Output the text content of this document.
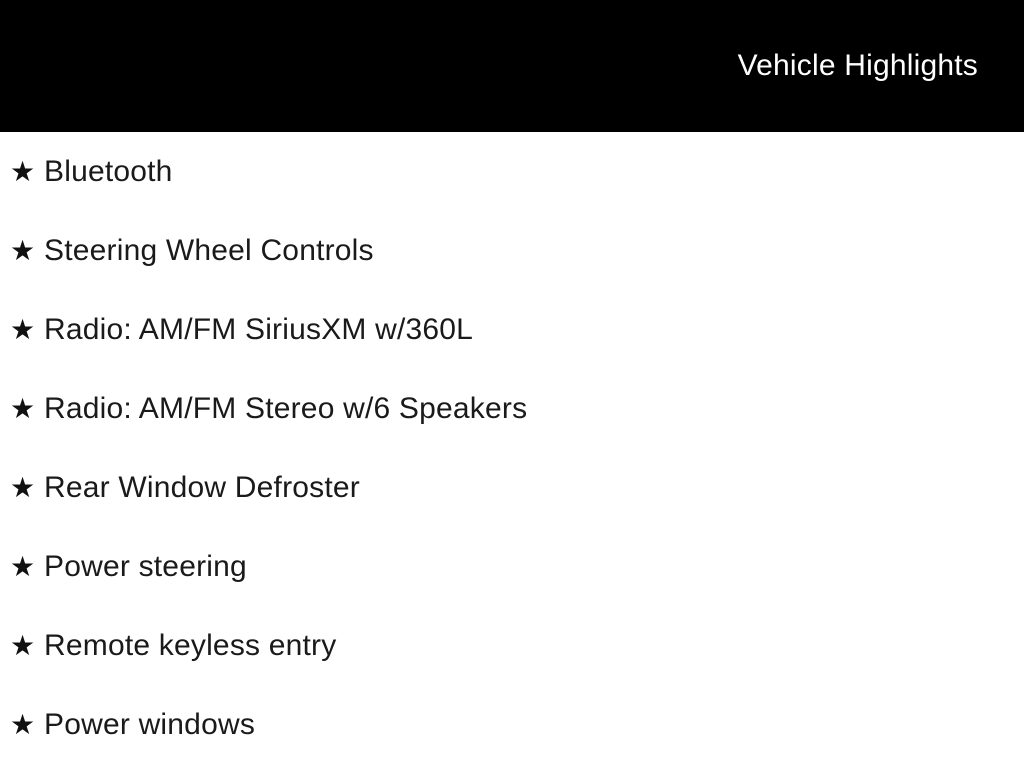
Vehicle Highlights
★ Bluetooth
★ Steering Wheel Controls
★ Radio: AM/FM SiriusXM w/360L
★ Radio: AM/FM Stereo w/6 Speakers
★ Rear Window Defroster
★ Power steering
★ Remote keyless entry
★ Power windows
